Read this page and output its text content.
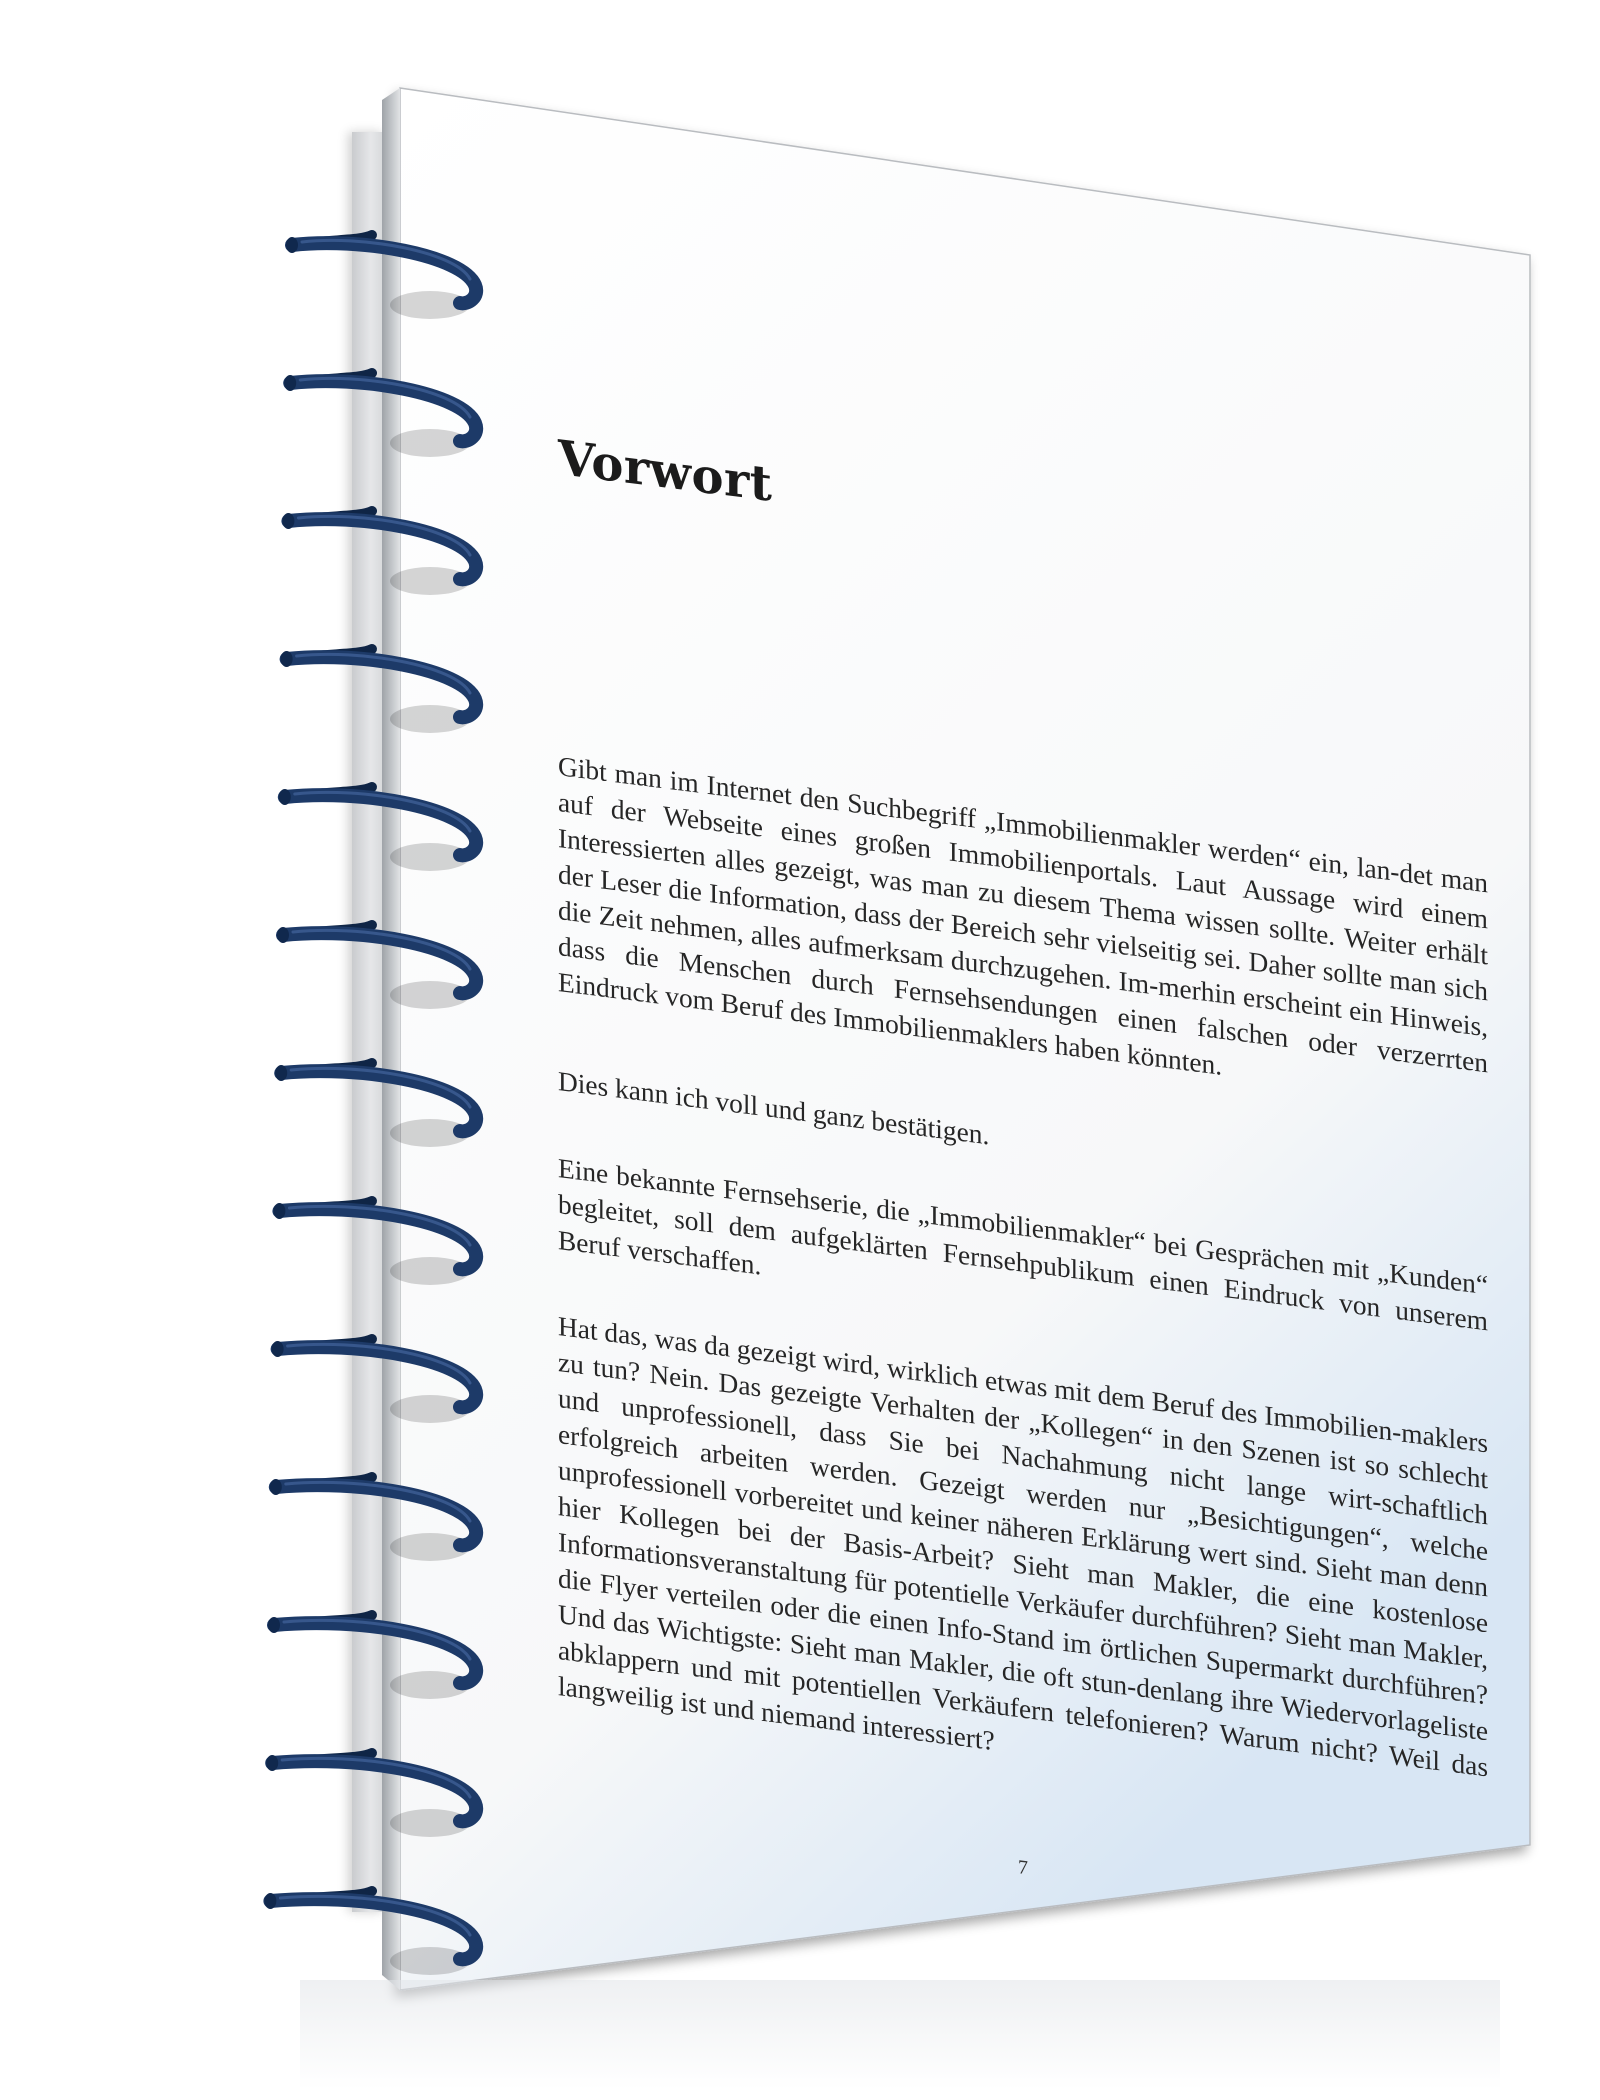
Vorwort

Gibt man im Internet den Suchbegriff „Immobilienmakler werden“ ein, lan-det man auf der Webseite eines großen Immobilienportals. Laut Aussage wird einem Interessierten alles gezeigt, was man zu diesem Thema wissen sollte. Weiter erhält der Leser die Information, dass der Bereich sehr vielseitig sei. Daher sollte man sich die Zeit nehmen, alles aufmerksam durchzugehen. Im-merhin erscheint ein Hinweis, dass die Menschen durch Fernsehsendungen einen falschen oder verzerrten Eindruck vom Beruf des Immobilienmaklers haben könnten.

Dies kann ich voll und ganz bestätigen.

Eine bekannte Fernsehserie, die „Immobilienmakler“ bei Gesprächen mit „Kunden“ begleitet, soll dem aufgeklärten Fernsehpublikum einen Eindruck von unserem Beruf verschaffen.

Hat das, was da gezeigt wird, wirklich etwas mit dem Beruf des Immobilien-maklers zu tun? Nein. Das gezeigte Verhalten der „Kollegen“ in den Szenen ist so schlecht und unprofessionell, dass Sie bei Nachahmung nicht lange wirt-schaftlich erfolgreich arbeiten werden. Gezeigt werden nur „Besichtigungen“, welche unprofessionell vorbereitet und keiner näheren Erklärung wert sind. Sieht man denn hier Kollegen bei der Basis-Arbeit? Sieht man Makler, die eine kostenlose Informationsveranstaltung für potentielle Verkäufer durchführen? Sieht man Makler, die Flyer verteilen oder die einen Info-Stand im örtlichen Supermarkt durchführen? Und das Wichtigste: Sieht man Makler, die oft stun-denlang ihre Wiedervorlageliste abklappern und mit potentiellen Verkäufern telefonieren? Warum nicht? Weil das langweilig ist und niemand interessiert?

7
